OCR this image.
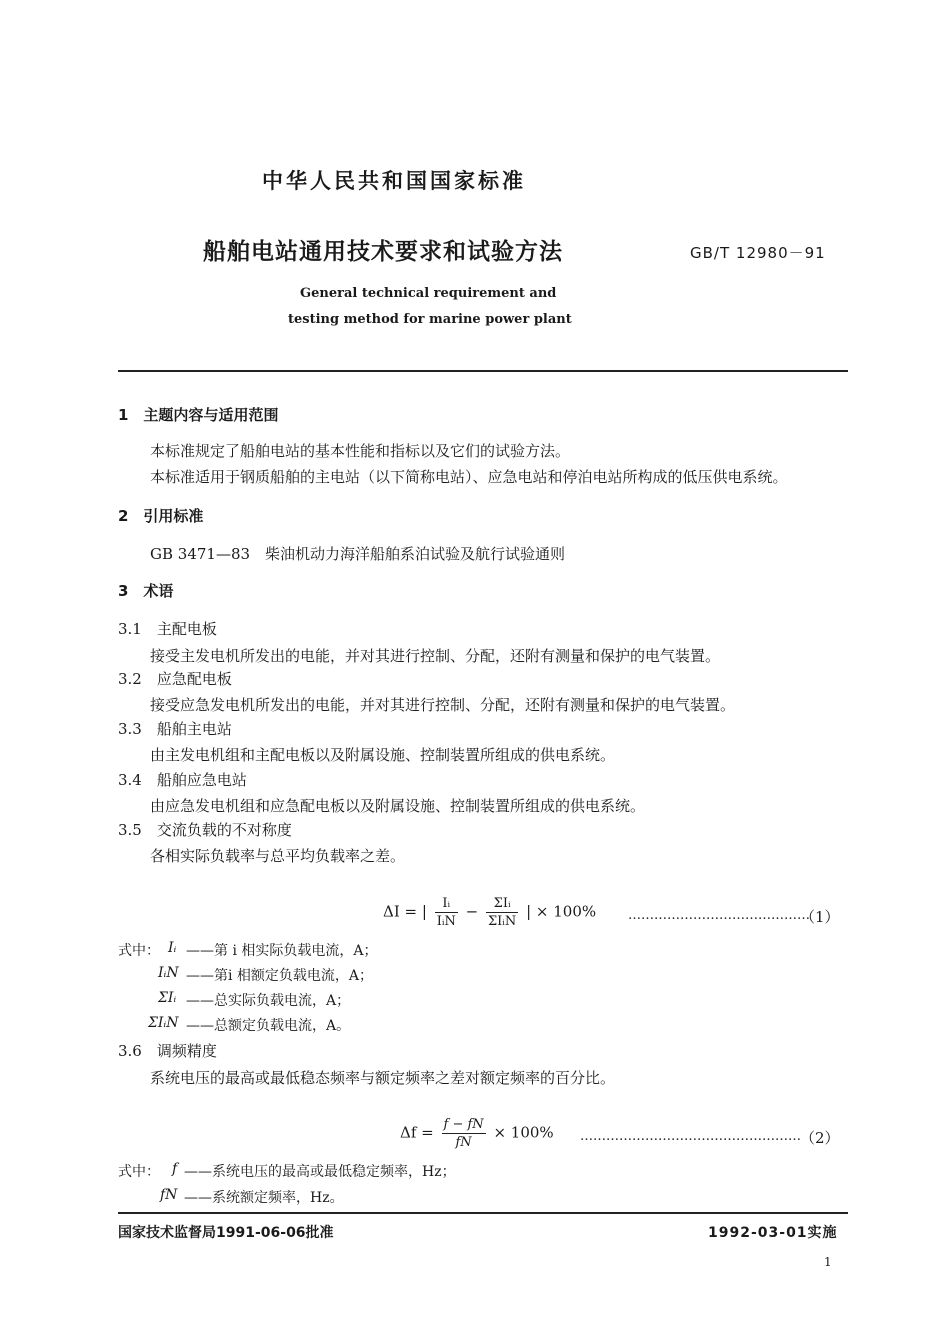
中华人民共和国国家标准
船舶电站通用技术要求和试验方法	GB/T 12980－91
General technical requirement and
testing method for marine power plant
1　主题内容与适用范围
本标准规定了船舶电站的基本性能和指标以及它们的试验方法。
本标准适用于钢质船舶的主电站（以下简称电站）、应急电站和停泊电站所构成的低压供电系统。
2　引用标准
GB 3471—83　柴油机动力海洋船舶系泊试验及航行试验通则
3　术语
3.1　主配电板
接受主发电机所发出的电能，并对其进行控制、分配，还附有测量和保护的电气装置。
3.2　应急配电板
接受应急发电机所发出的电能，并对其进行控制、分配，还附有测量和保护的电气装置。
3.3　船舶主电站
由主发电机组和主配电板以及附属设施、控制装置所组成的供电系统。
3.4　船舶应急电站
由应急发电机组和应急配电板以及附属设施、控制装置所组成的供电系统。
3.5　交流负载的不对称度
各相实际负载率与总平均负载率之差。
ΔI = | $\frac{\text{Iᵢ}}{\text{IᵢN}} - \frac{\text{ΣIᵢ}}{\text{ΣIᵢN}}$ | × 100% ……………………………………
（1）
式中： Iᵢ ——第 i 相实际负载电流，A；
IᵢN ——第i 相额定负载电流，A；
ΣIᵢ ——总实际负载电流，A；
ΣIᵢN ——总额定负载电流，A。
3.6　调频精度
系统电压的最高或最低稳态频率与额定频率之差对额定频率的百分比。
$\Delta f = \frac{f - fN}{fN} \times 100\%$ …………………………………………… （2）
式中： f ——系统电压的最高或最低稳定频率，Hz；
fN ——系统额定频率，Hz。
国家技术监督局1991-06-06批准	1992-03-01实施
1
